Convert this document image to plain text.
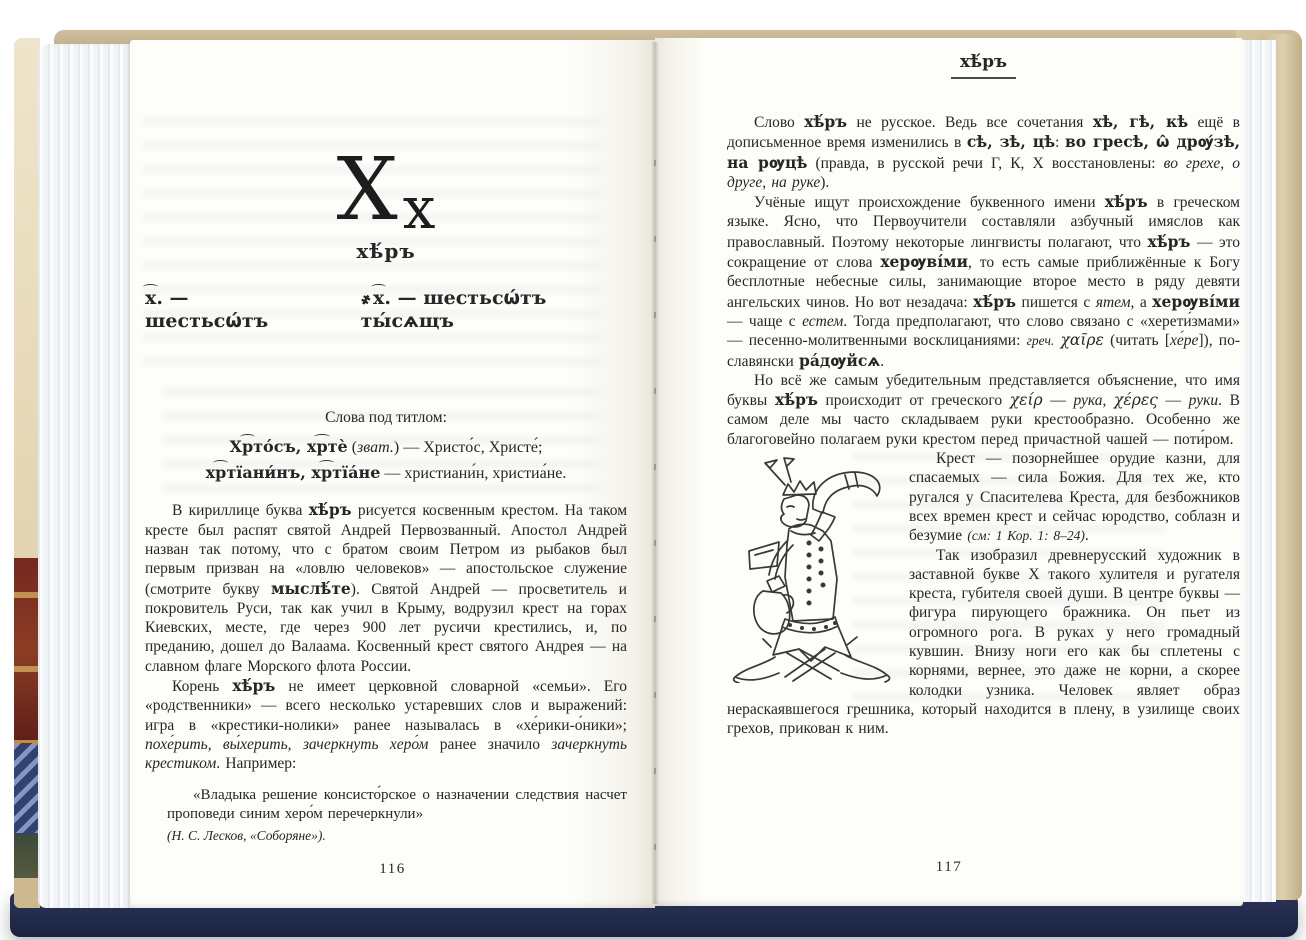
Хх
хѣ́ръ
х. — шестьсѡ́тъ
҂х. — шестьсѡ́тъ ты́сѧщъ
Слова под титлом:
Хрто́съ, хртѐ (зват.) — Христо́с, Христе́;
хртїани́нъ, хртїа́не — христиани́н, христиа́не.

В кириллице буква хѣ́ръ рисуется косвенным крестом. На таком кресте был распят святой Андрей Первозванный. Апостол Андрей назван так потому, что с братом своим Петром из рыбаков был первым призван на «ловлю человеков» — апостольское служение (смотрите букву мыслѣ́те). Святой Андрей — просветитель и покровитель Руси, так как учил в Крыму, водрузил крест на горах Киевских, месте, где через 900 лет русичи крестились, и, по преданию, дошел до Валаама. Косвенный крест святого Андрея — на славном флаге Морского флота России.

Корень хѣ́ръ не имеет церковной словарной «семьи». Его «родственники» — всего несколько устаревших слов и выражений: игра в «крестики-нолики» ранее называлась в «хе́рики-о́ники»; похе́рить, вы́херить, зачеркнуть херо́м ранее значило зачеркнуть крестиком. Например:

«Владыка решение консисто́рское о назначении следствия насчет проповеди синим херо́м перечеркнули»

(Н. С. Лесков, «Соборяне»).

116
хѣ́ръ

Слово хѣ́ръ не русское. Ведь все сочетания хѣ, гѣ, кѣ ещё в дописьменное время изменились в сѣ, зѣ, цѣ: во гресѣ, ѡ̂ дрѹ́зѣ, на рѹцѣ (правда, в русской речи Г, К, Х восстановлены: во грехе, о друге, на руке).

Учёные ищут происхождение буквенного имени хѣ́ръ в греческом языке. Ясно, что Первоучители составляли азбучный имяслов как православный. Поэтому некоторые лингвисты полагают, что хѣ́ръ — это сокращение от слова херѹві́ми, то есть самые приближённые к Богу бесплотные небесные силы, занимающие второе место в ряду девяти ангельских чинов. Но вот незадача: хѣ́ръ пишется с ятем, а херѹві́ми — чаще с естем. Тогда предполагают, что слово связано с «херети́змами» — песенно-молитвенными восклицаниями: греч. χαῖρε (читать [хе́ре]), по-славянски ра́дѹйсѧ.

Но всё же самым убедительным представляется объяснение, что имя буквы хѣ́ръ происходит от греческого χείρ — рука, χέρες — руки. В самом деле мы часто складываем руки крестообразно. Особенно же благоговейно полагаем руки крестом перед причастной чашей — поти́ром.

Крест — позорнейшее орудие казни, для спасаемых — сила Божия. Для тех же, кто ругался у Спасителева Креста, для безбожников всех времен крест и сейчас юродство, соблазн и безумие (см: 1 Кор. 1: 8–24).

Так изобразил древнерусский художник в заставной букве Х такого хулителя и ругателя креста, губителя своей души. В центре буквы — фигура пирующего бражника. Он пьет из огромного рога. В руках у него громадный кувшин. Внизу ноги его как бы сплетены с корнями, вернее, это даже не корни, а скорее колодки узника. Человек являет образ нераскаявшегося грешника, который находится в плену, в узилище своих грехов, прикован к ним.

117
